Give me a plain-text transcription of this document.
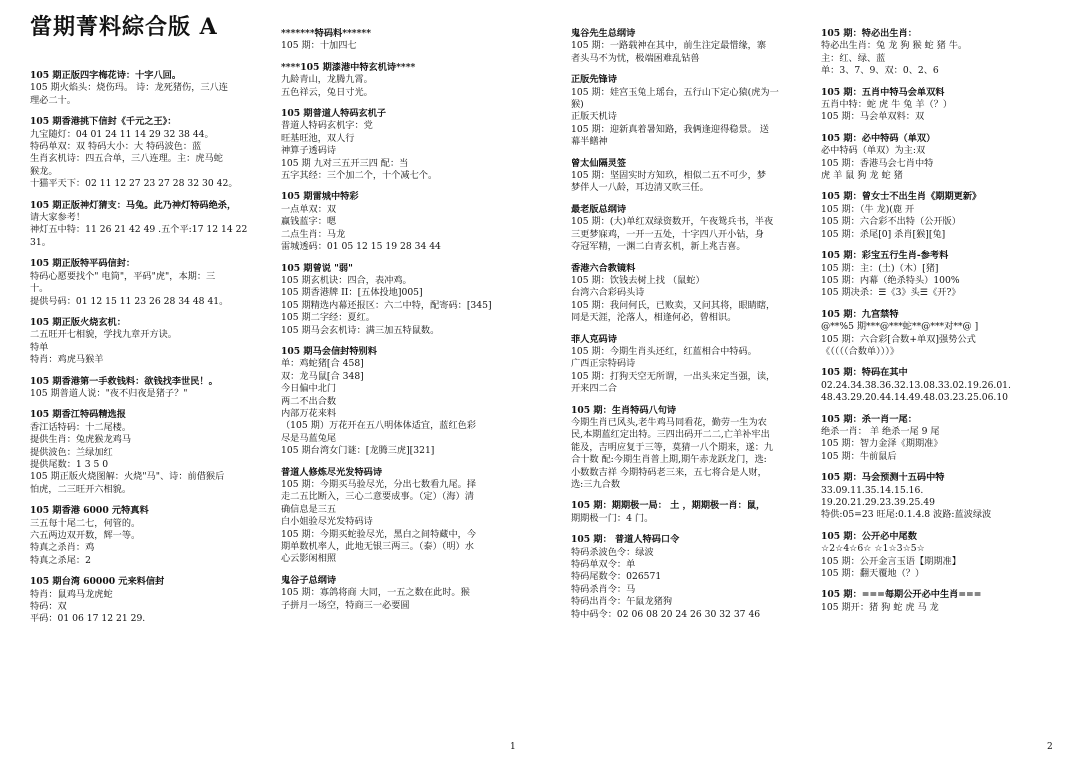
當期菁料綜合版 A
105 期正版四字梅花诗：十字八回。
105 期火焰头：烧伤玛。 诗：龙死猪伤，三八连
理必二十。
105 期香港挑下信封《千元之王》：
九宝随灯：04 01 24 11 14 29 32 38 44。
特码单双：双 特码大小：大 特码波色：蓝
生肖玄机诗：四五合单，三八连理。主：虎马蛇
猴龙。
十猫平天下：02 11 12 27 23 27 28 32 30 42。
105 期正版神灯猜支：马兔。此乃神灯特码绝杀，
请大家参考！
神灯五中特：11 26 21 42 49 .五个平:17 12 14 22
31。
105 期正版特平码信封：
特码心愿要找个" 电筒"，平码"虎"，本期：三
十。
提供号码：01 12 15 11 23 26 28 34 48 41。
105 期正版火烧玄机：
二五旺开七相貌，学找九章开方诀。
特单
特肖：鸡虎马猴羊
105 期香港第一手救钱料：欲钱找李世民！。
105 期普道人说："夜不归夜是猪子？"
105 期香江特码精选报
香江话特码：十二尾楼。
提供生肖：兔虎猴龙鸡马
提供波色：兰绿加红
提供尾数：1 3 5 0
105 期正版火烧图解：火烧"马"、诗：前借猴后
怕虎，二三旺开六相貌。
105 期香港 6000 元特真料
三五每十尾二七，何管的。
六五两边双开数，辉一等。
特真之杀肖：鸡
特真之杀尾：2
105 期台湾 60000 元来料信封
特肖：鼠鸡马龙虎蛇
特码：双
平码：01 06 17 12 21 29.
*******特码料******
105 期：十加四七
****105 期漆港中特玄机诗****
九龄青山，龙腾九霄。
五色祥云，兔日寸光。
105 期普道人特码玄机子
普道人特码玄机字：党
旺基旺池，双人行
神算子透码诗
105 期 九对三五开三四 配：当
五字其经：三个加二个，十个减七个。
105 期雷城中特彩
一点单双：双
赢钱蓝字：嗯
二点生肖：马龙
雷城透码：01 05 12 15 19 28 34 44
105 期曾说 "弱"
105 期玄机诀：四合，表冲鸡。
105 期香港牌 II：[五体投地]005]
105 期精选内幕还报区：六二中特，配寄码：[345]
105 期二字经：夏红。
105 期马会玄机诗：满三加五特鼠数。
105 期马会信封特别料
单：鸡蛇猪[合 458]
双：龙马鼠[合 348]
今日偏中北门
两二不出合数
内部万花来料
（105 期）万花开在五八明体体适宜，蓝红色彩
尽是马蓝兔尾
105 期台湾女门谜：[龙腾三虎][321]
普道人修炼尽光发特码诗
105 期：今期买马验尽光，分出七数看九尾。择
走二五比断入，三心二意要成事。（定）（海）清
确信息是三五
白小姐验尽光发特码诗
105 期：今期买蛇验尽光，黑白之间特藏中，今
期单数机率人，此地无银三两三。（泰）（明）水
心云影闲相照
鬼谷子总纲诗
105 期：寡鸽将商 大同，一五之数在此时。猴
子拼月一场空，特商三一必要圆
1
鬼谷先生总纲诗
105 期：一路载神在其中，前生注定最惜缘，寨
者头马不为忧，极端困难乱钻兽
正版先锋诗
105 期：娃宫玉兔上瑶台，五行山下定心猿(虎为一
猴)
正版天机诗
105 期：迎新真着暑知路，我俩逢迎得稳景。 送
幕半鳝神
曾太仙隔灵签
105 期：坚固实时方知玖，相似二五不可少，梦
梦伴人一八龄，耳边清又吹三任。
最老版总纲诗
105 期：(大)单红双绿资数开，午夜鸳兵书，半夜
三更梦寐鸡，一开一五处，十字四八开小钻，身
夺冠军精，一渊二白青玄机，新上兆吉喜。
香港六合教镜料
105 期：饮钱去树上找 （鼠蛇）
台湾六合彩码头诗
105 期：我问何氏，已败卖，又问其将，眼睛瞎，
同是天涯，沦落人，相逢何必，曾相识。
菲人克码诗
105 期：今期生肖头还红，红蓝相合中特码。
广西正宗特码诗
105 期：打狗天空无所谓，一出头来定当强，读，
开来四二合
105 期：生肖特码八句诗
今期生肖已风头,老牛鸡马同看花，勤劳一生为农
民,本期蓝红定出特。三四出码开二二,亡羊补牢出
能及，吉明应复于三等，莫猜一八个期来，遂：九
合十数 配:今期生肖普上期,期午赤龙跃龙门，选:
小数数吉祥 今期特码老三来，五七将合是人财，
选:三九合数
105 期：期期极一局： 土 ，期期极一肖：鼠，
期期极一门：4 门。
105 期： 普道人特码口令
特码杀波色令：绿波
特码单双令：单
特码尾数令：026571
特码杀肖令：马
特码出肖令：午鼠龙猪狗
特中码令：02 06 08 20 24 26 30 32 37 46
105 期：特必出生肖：
特必出生肖：兔 龙 狗 猴 蛇 猪 牛。
主：红、绿、蓝
单：3、7、9、双：0、2、6
105 期：五肖中特马会单双料
五肖中特：蛇 虎 牛 兔 羊（？）
105 期：马会单双料：双
105 期：必中特码（单双）
必中特码（单双）为主:双
105 期：香港马会七肖中特
虎 羊 鼠 狗 龙 蛇 猪
105 期：曾女士不出生肖《期期更新》
105 期：（牛 龙)(鹿 开
105 期：六合彩不出特（公开版）
105 期：杀尾[0] 杀肖[猴][兔]
105 期：彩宝五行生肖-参考料
105 期：主：(土)（木）[猪]
105 期：内幕（绝杀特头）100%
105 期决杀：☰《3》头☰《开?》
105 期：九宫禁特
@**%5 期***@***蛇**@***对**@ ]
105 期：六合彩[合数+单双]强势公式
《（（（（合数单）））》
105 期：特码在其中
02.24.34.38.36.32.13.08.33.02.19.26.01.
48.43.29.20.44.14.49.48.03.23.25.06.10
105 期：杀一肖一尾：
绝杀一肖： 羊 绝杀一尾 9 尾
105 期：智力金泽《期期准》
105 期：牛前鼠后
105 期：马会预测十五码中特
33.09.11.35.14.15.16.
19.20.21.29.23.39.25.49
特供:05=23 旺尾:0.1.4.8 波路:蓝波绿波
105 期：公开必中尾数
☆2☆4☆6☆ ☆1☆3☆5☆
105 期：公开金言玉语【期期准】
105 期：翻天覆地（？）
105 期：===每期公开必中生肖===
105 期开：猪 狗 蛇 虎 马 龙
2
